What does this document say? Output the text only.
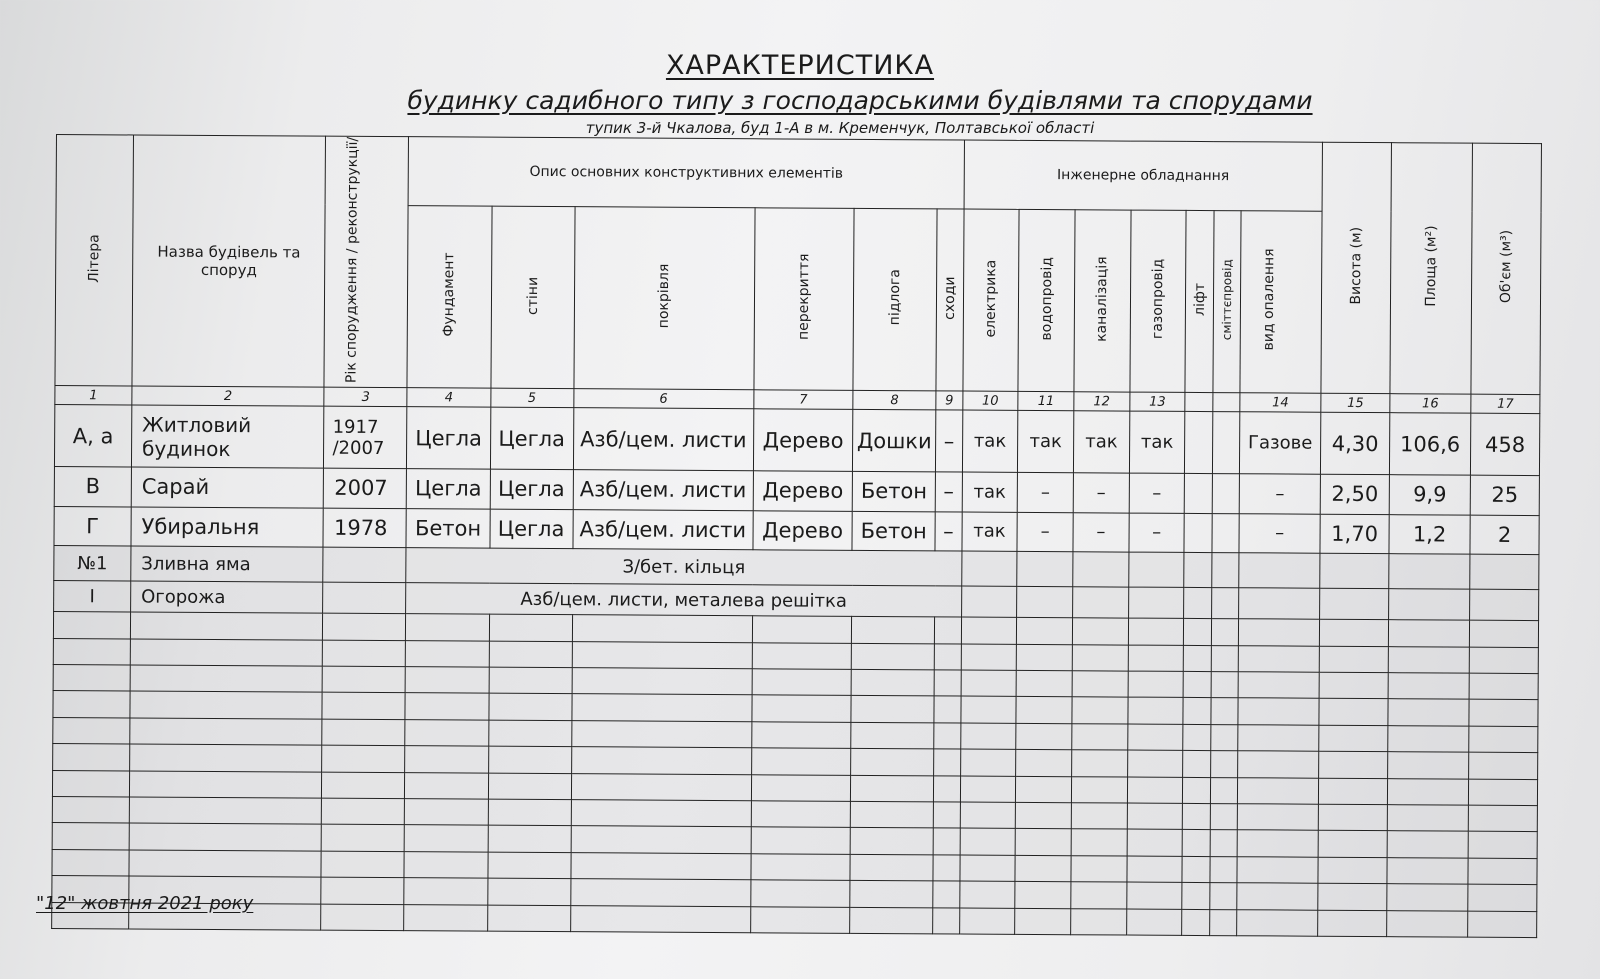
ХАРАКТЕРИСТИКА
будинку садибного типу з господарськими будівлями та спорудами
тупик 3-й Чкалова, буд 1-А в м. Кременчук, Полтавської області
Літера	Назва будівель та споруд	Рік спорудження / реконструкції/	Опис основних конструктивних елементів						Інженерне обладнання							Висота (м)	Площа (м²)	Об'єм (м³)
			Фундамент	стіни	покрівля	перекриття	підлога	сходи	електрика	водопровід	каналізація	газопровід	ліфт	сміттєпровід	вид опалення			
1	2	3	4	5	6	7	8	9	10	11	12	13			14	15	16	17
А, а	Житловий будинок	1917 /2007	Цегла	Цегла	Азб/цем. листи	Дерево	Дошки	–	так	так	так	так			Газове	4,30	106,6	458
В	Сарай	2007	Цегла	Цегла	Азб/цем. листи	Дерево	Бетон	–	так	–	–	–			–	2,50	9,9	25
Г	Убиральня	1978	Бетон	Цегла	Азб/цем. листи	Дерево	Бетон	–	так	–	–	–			–	1,70	1,2	2
№1	Зливна яма		З/бет. кільця															
І	Огорожа		Азб/цем. листи, металева решітка															

"12" жовтня 2021 року
